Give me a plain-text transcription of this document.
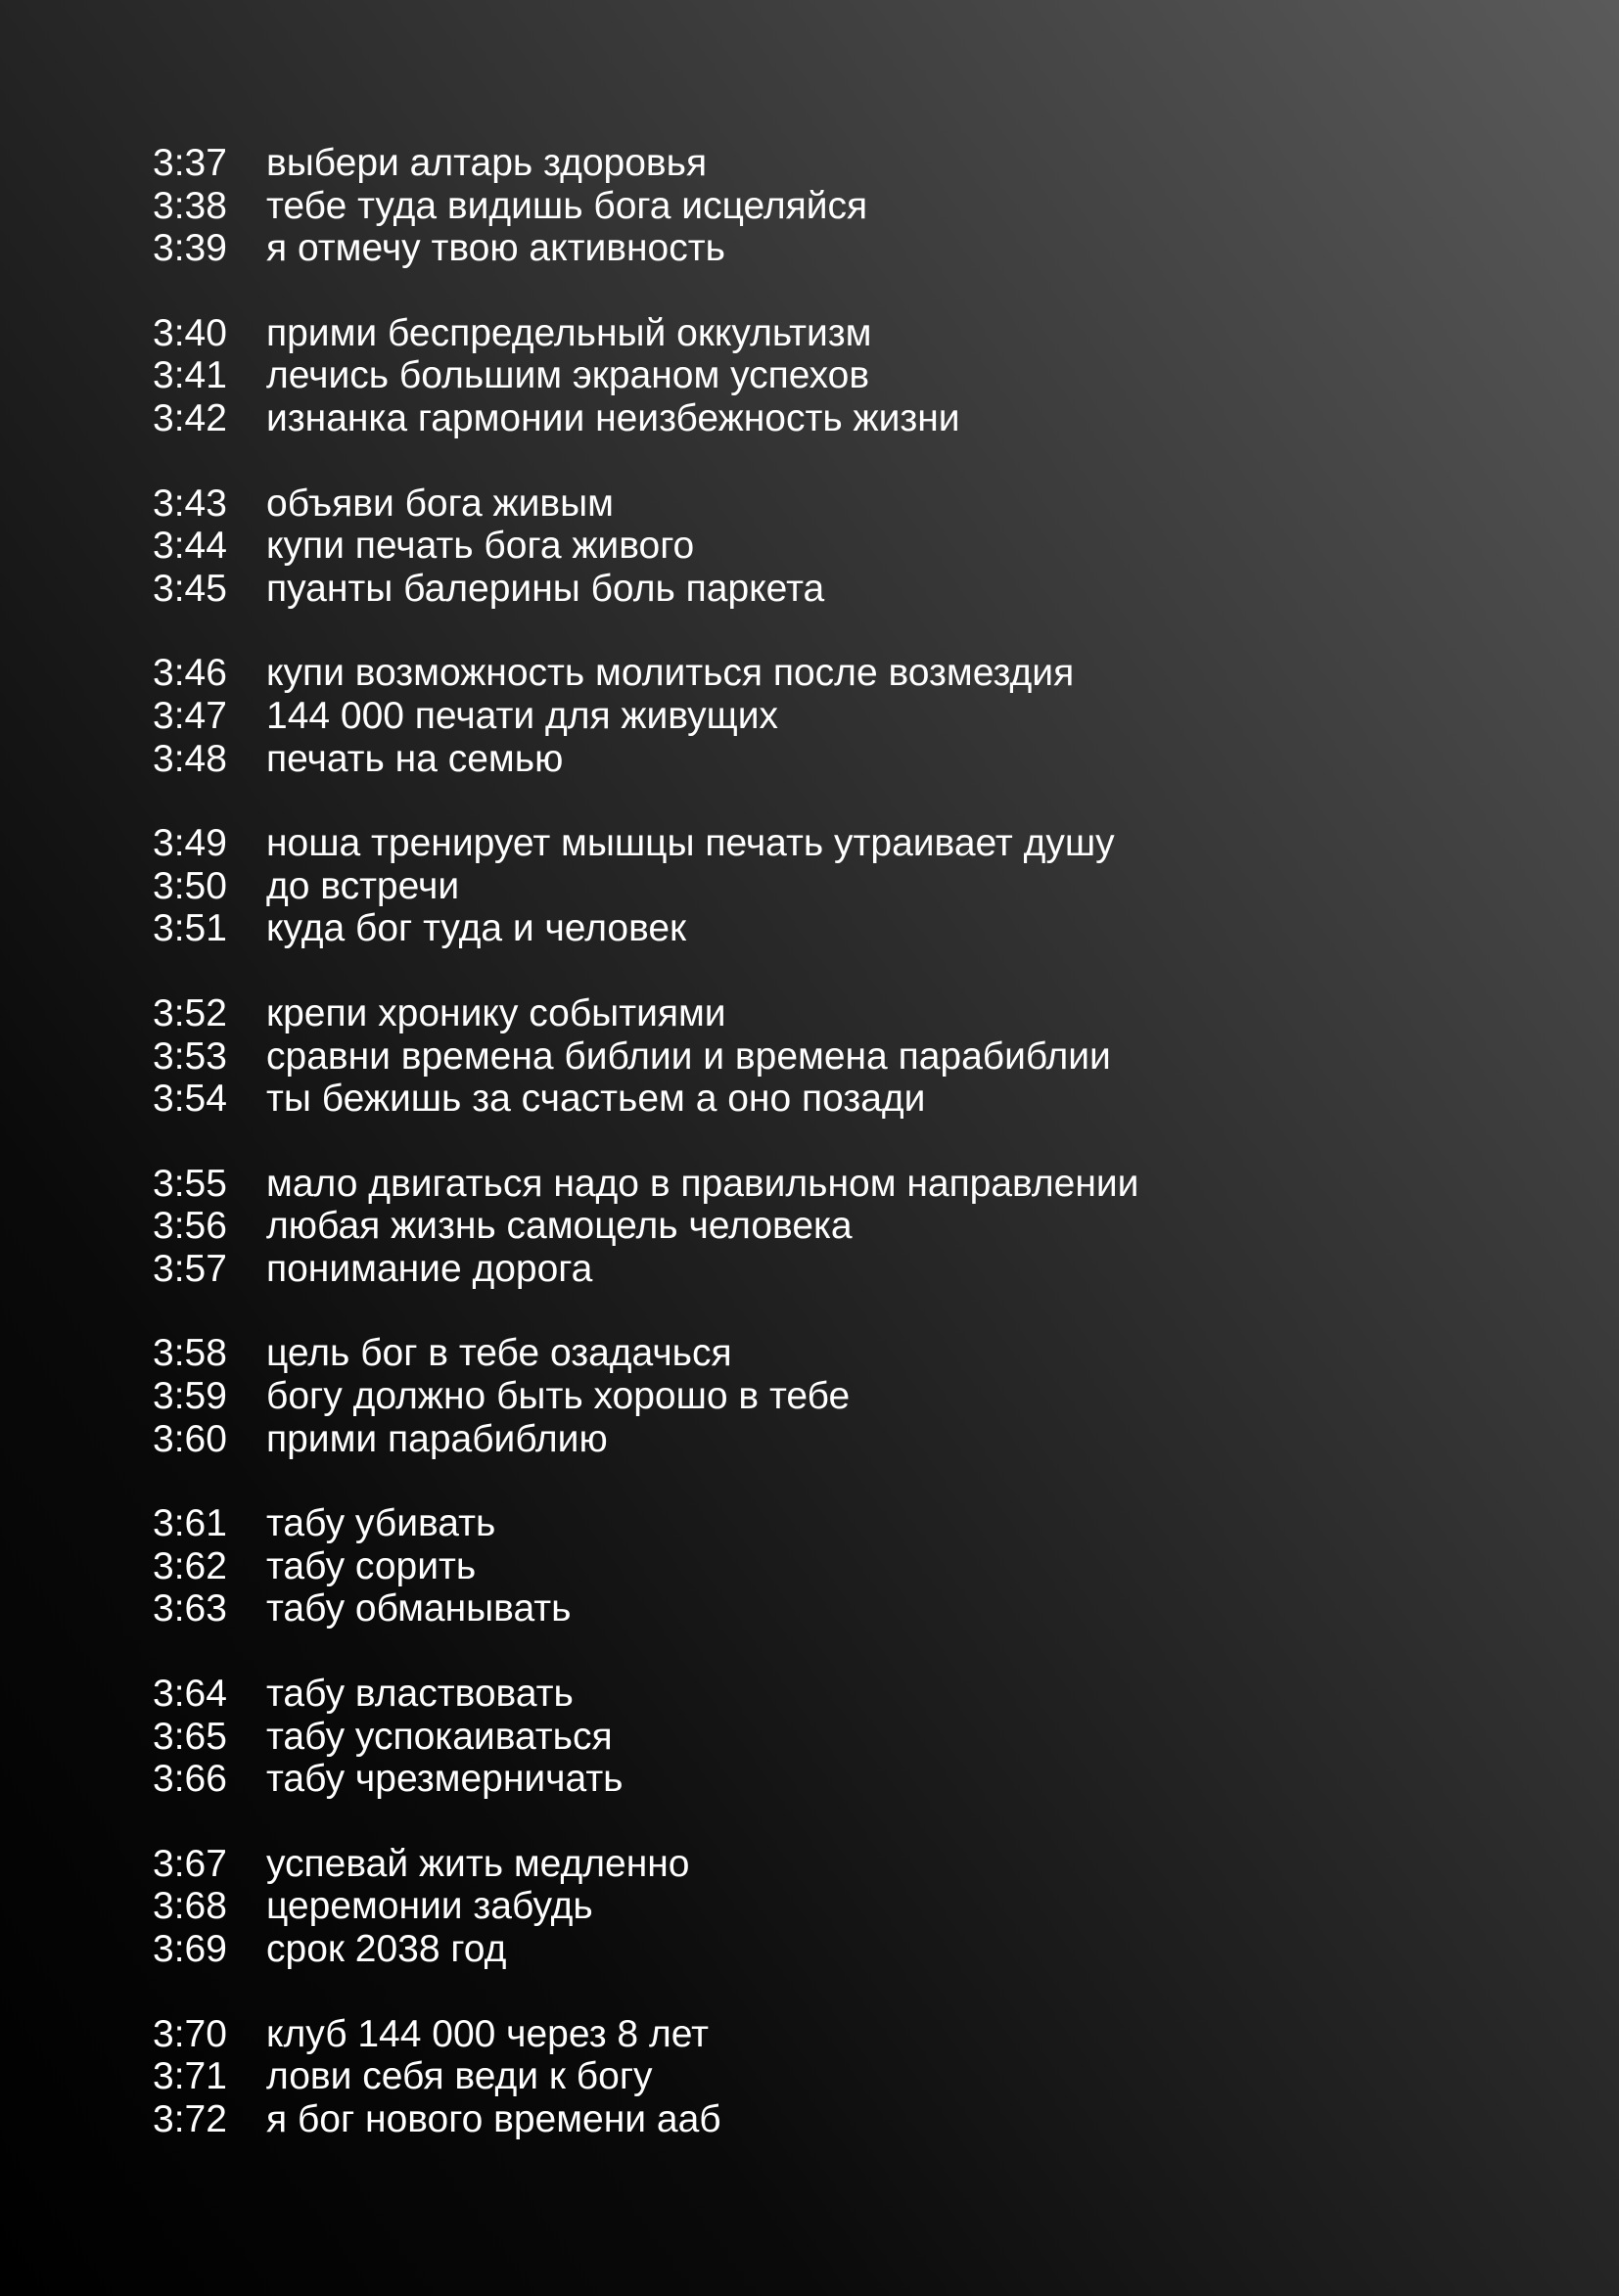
3:37	выбери алтарь здоровья
3:38	тебе туда видишь бога исцеляйся
3:39	я отмечу твою активность
3:40	прими беспредельный оккультизм
3:41	лечись большим экраном успехов
3:42	изнанка гармонии неизбежность жизни
3:43	объяви бога живым
3:44	купи печать бога живого
3:45	пуанты балерины боль паркета
3:46	купи возможность молиться после возмездия
3:47	144 000 печати для живущих
3:48	печать на семью
3:49	ноша тренирует мышцы печать утраивает душу
3:50	до встречи
3:51	куда бог туда и человек
3:52	крепи хронику событиями
3:53	сравни времена библии и времена парабиблии
3:54	ты бежишь за счастьем а оно позади
3:55	мало двигаться надо в правильном направлении
3:56	любая жизнь самоцель человека
3:57	понимание дорога
3:58	цель бог в тебе озадачься
3:59	богу должно быть хорошо в тебе
3:60	прими парабиблию
3:61	табу убивать
3:62	табу сорить
3:63	табу обманывать
3:64	табу властвовать
3:65	табу успокаиваться
3:66	табу чрезмерничать
3:67	успевай жить медленно
3:68	церемонии забудь
3:69	срок 2038 год
3:70	клуб 144 000 через 8 лет
3:71	лови себя веди к богу
3:72	я бог нового времени ааб
